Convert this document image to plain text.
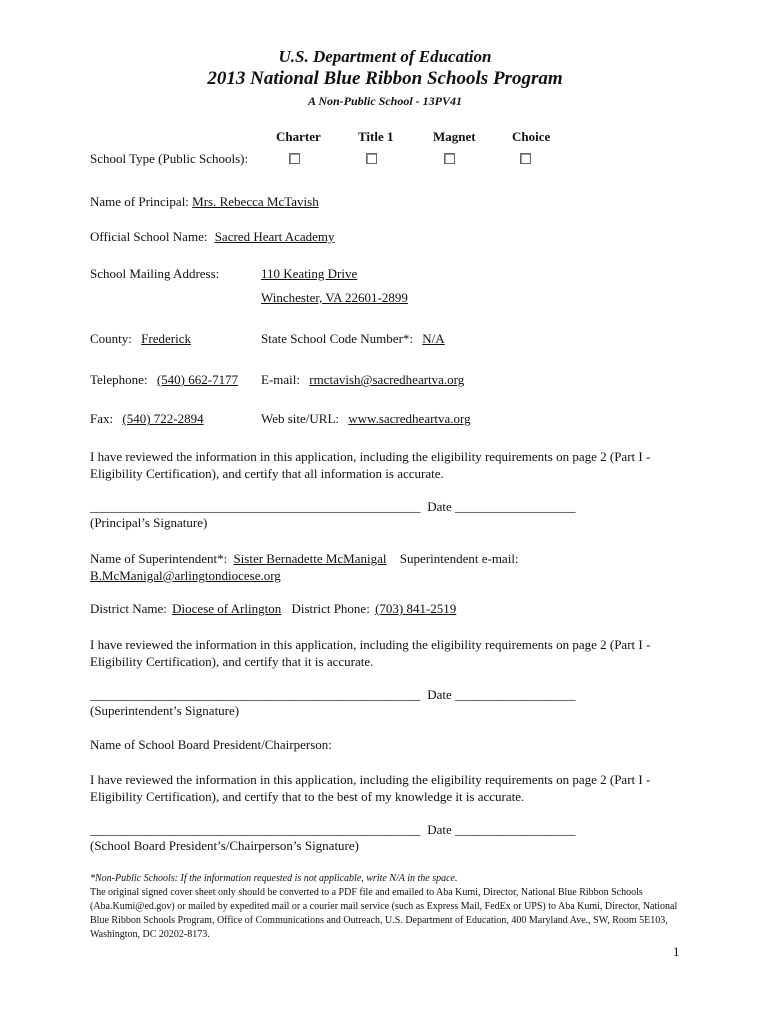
U.S. Department of Education
2013 National Blue Ribbon Schools Program
A Non-Public School - 13PV41
Charter	Title 1	Magnet	Choice
School Type (Public Schools):
Name of Principal: Mrs. Rebecca McTavish
Official School Name: Sacred Heart Academy
School Mailing Address:	110 Keating Drive
Winchester, VA 22601-2899
County: Frederick	State School Code Number*: N/A
Telephone: (540) 662-7177 E-mail: rmctavish@sacredheartva.org
Fax: (540) 722-2894	Web site/URL: www.sacredheartva.org
I have reviewed the information in this application, including the eligibility requirements on page 2 (Part I - Eligibility Certification), and certify that all information is accurate.
_______________________________________________________ Date ____________________
(Principal’s Signature)
Name of Superintendent*: Sister Bernadette McManigal Superintendent e-mail:
B.McManigal@arlingtondiocese.org
District Name: Diocese of Arlington District Phone: (703) 841-2519
I have reviewed the information in this application, including the eligibility requirements on page 2 (Part I - Eligibility Certification), and certify that it is accurate.
_______________________________________________________ Date ____________________
(Superintendent’s Signature)
Name of School Board President/Chairperson:
I have reviewed the information in this application, including the eligibility requirements on page 2 (Part I - Eligibility Certification), and certify that to the best of my knowledge it is accurate.
_______________________________________________________ Date ____________________
(School Board President’s/Chairperson’s Signature)
*Non-Public Schools: If the information requested is not applicable, write N/A in the space.
The original signed cover sheet only should be converted to a PDF file and emailed to Aba Kumi, Director, National Blue Ribbon Schools (Aba.Kumi@ed.gov) or mailed by expedited mail or a courier mail service (such as Express Mail, FedEx or UPS) to Aba Kumi, Director, National Blue Ribbon Schools Program, Office of Communications and Outreach, U.S. Department of Education, 400 Maryland Ave., SW, Room 5E103, Washington, DC 20202-8173.
1
